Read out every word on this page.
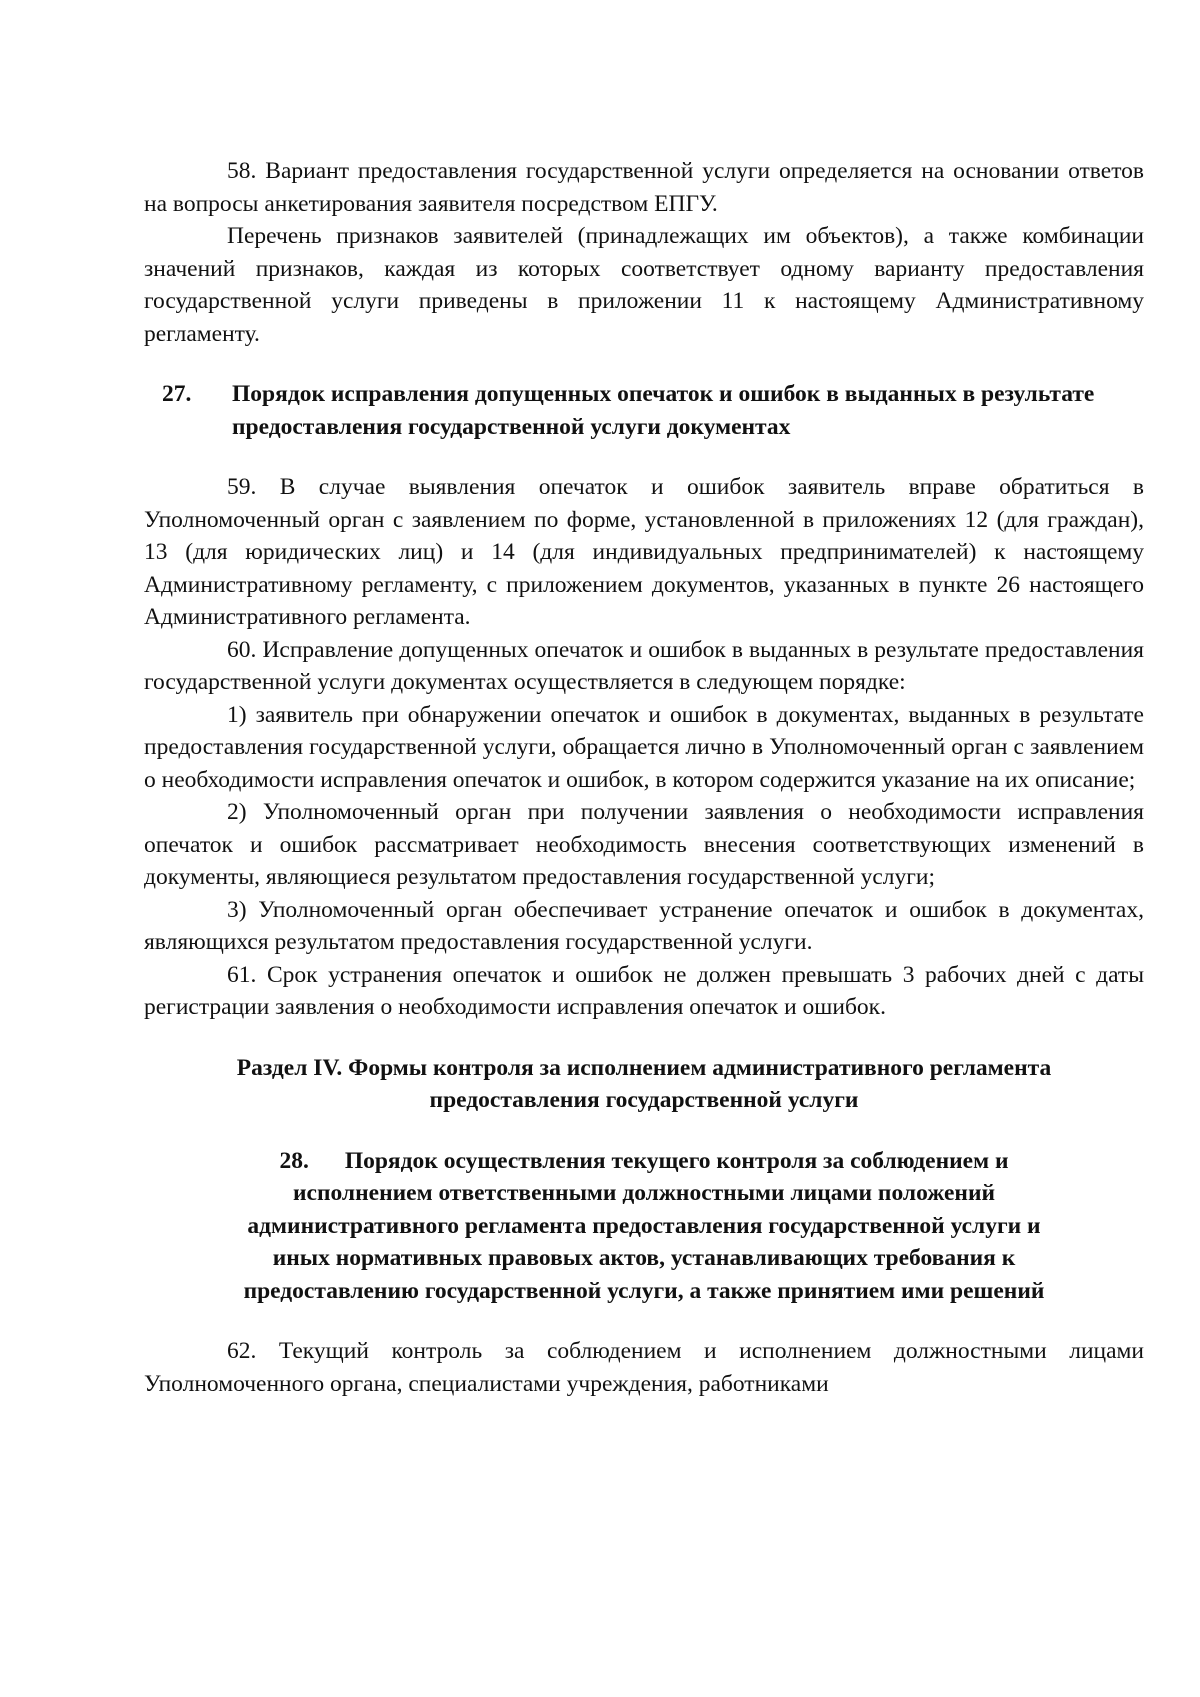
58. Вариант предоставления государственной услуги определяется на основании ответов на вопросы анкетирования заявителя посредством ЕПГУ.

Перечень признаков заявителей (принадлежащих им объектов), а также комбинации значений признаков, каждая из которых соответствует одному варианту предоставления государственной услуги приведены в приложении 11 к настоящему Административному регламенту.

27. Порядок исправления допущенных опечаток и ошибок в выданных в результате предоставления государственной услуги документах

59. В случае выявления опечаток и ошибок заявитель вправе обратиться в Уполномоченный орган с заявлением по форме, установленной в приложениях 12 (для граждан), 13 (для юридических лиц) и 14 (для индивидуальных предпринимателей) к настоящему Административному регламенту, с приложением документов, указанных в пункте 26 настоящего Административного регламента.

60. Исправление допущенных опечаток и ошибок в выданных в результате предоставления государственной услуги документах осуществляется в следующем порядке:

1) заявитель при обнаружении опечаток и ошибок в документах, выданных в результате предоставления государственной услуги, обращается лично в Уполномоченный орган с заявлением о необходимости исправления опечаток и ошибок, в котором содержится указание на их описание;

2) Уполномоченный орган при получении заявления о необходимости исправления опечаток и ошибок рассматривает необходимость внесения соответствующих изменений в документы, являющиеся результатом предоставления государственной услуги;

3) Уполномоченный орган обеспечивает устранение опечаток и ошибок в документах, являющихся результатом предоставления государственной услуги.

61. Срок устранения опечаток и ошибок не должен превышать 3 рабочих дней с даты регистрации заявления о необходимости исправления опечаток и ошибок.

Раздел IV. Формы контроля за исполнением административного регламента
предоставления государственной услуги
28. Порядок осуществления текущего контроля за соблюдением и
исполнением ответственными должностными лицами положений
административного регламента предоставления государственной услуги и
иных нормативных правовых актов, устанавливающих требования к
предоставлению государственной услуги, а также принятием ими решений

62. Текущий контроль за соблюдением и исполнением должностными лицами Уполномоченного органа, специалистами учреждения, работниками
